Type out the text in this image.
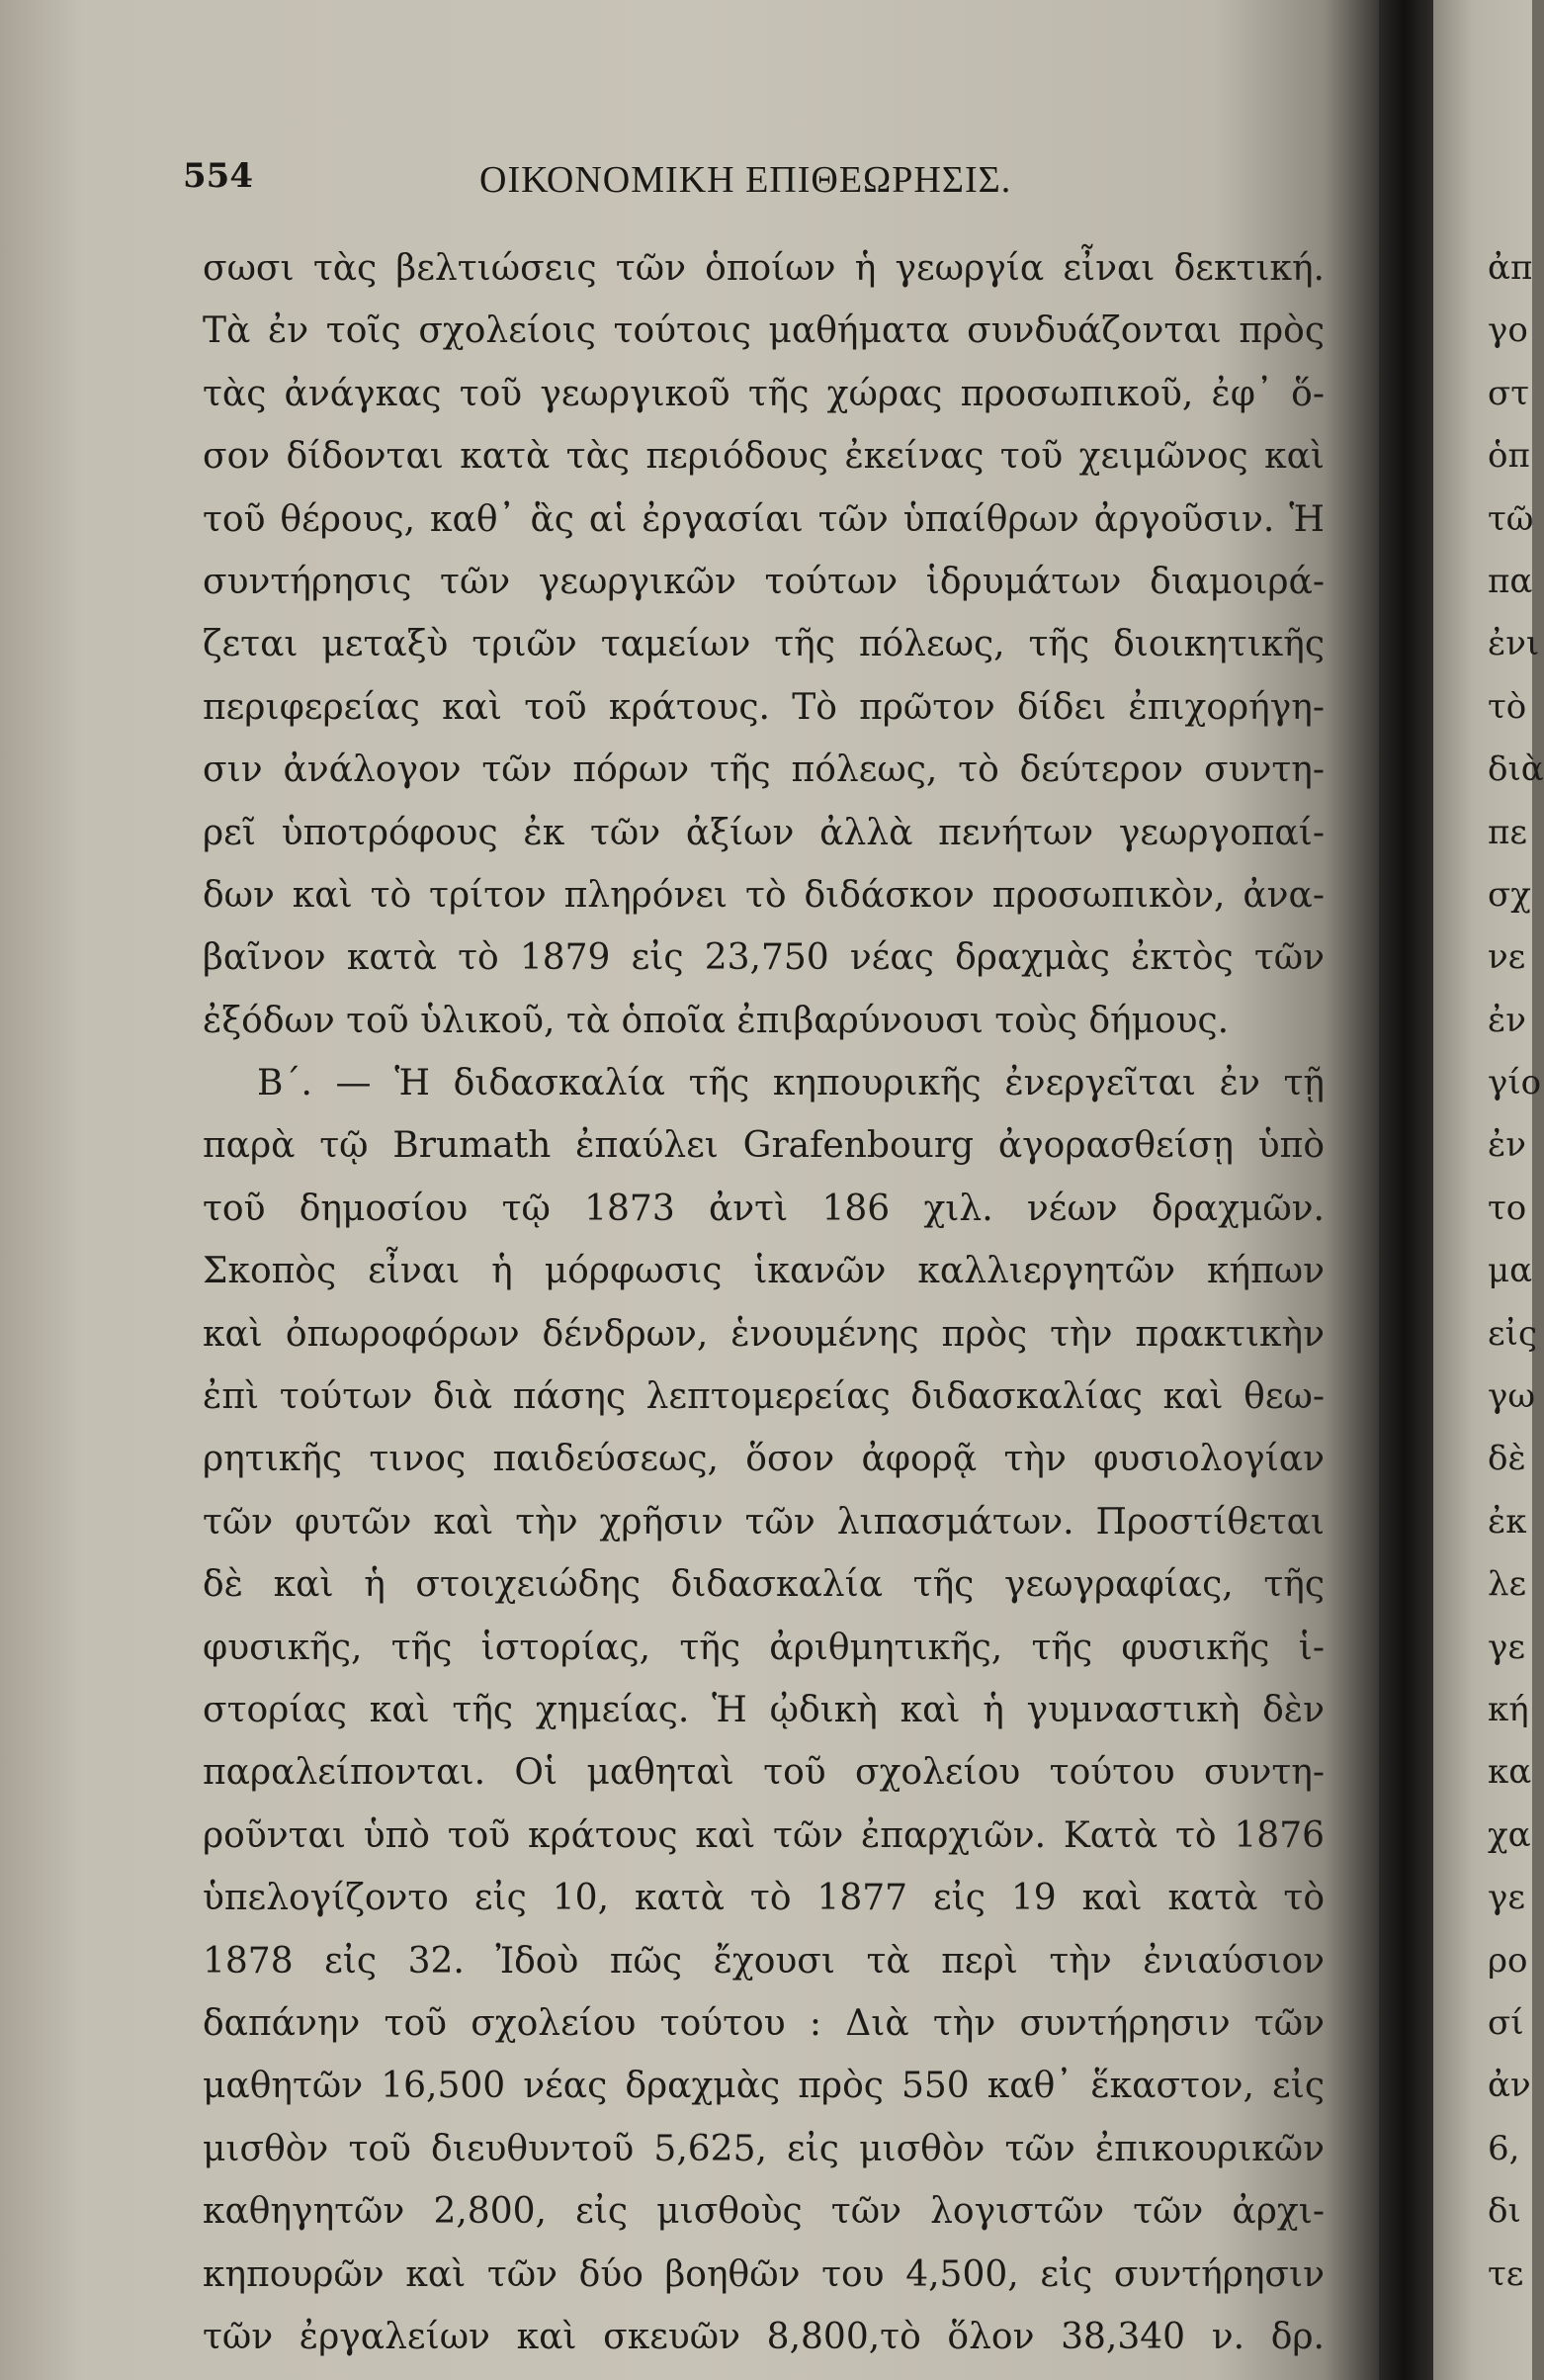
554	ΟΙΚΟΝΟΜΙΚΗ ΕΠΙΘΕΩΡΗΣΙΣ.
σωσι τὰς βελτιώσεις τῶν ὁποίων ἡ γεωργία εἶναι δεκτική.
Τὰ ἐν τοῖς σχολείοις τούτοις μαθήματα συνδυάζονται πρὸς
τὰς ἀνάγκας τοῦ γεωργικοῦ τῆς χώρας προσωπικοῦ, ἐφ᾽ ὅ-
σον δίδονται κατὰ τὰς περιόδους ἐκείνας τοῦ χειμῶνος καὶ
τοῦ θέρους, καθ᾽ ἃς αἱ ἐργασίαι τῶν ὑπαίθρων ἀργοῦσιν. Ἡ
συντήρησις τῶν γεωργικῶν τούτων ἱδρυμάτων διαμοιρά-
ζεται μεταξὺ τριῶν ταμείων τῆς πόλεως, τῆς διοικητικῆς
περιφερείας καὶ τοῦ κράτους. Τὸ πρῶτον δίδει ἐπιχορήγη-
σιν ἀνάλογον τῶν πόρων τῆς πόλεως, τὸ δεύτερον συντη-
ρεῖ ὑποτρόφους ἐκ τῶν ἀξίων ἀλλὰ πενήτων γεωργοπαί-
δων καὶ τὸ τρίτον πληρόνει τὸ διδάσκον προσωπικὸν, ἀνα-
βαῖνον κατὰ τὸ 1879 εἰς 23,750 νέας δραχμὰς ἐκτὸς τῶν
ἐξόδων τοῦ ὑλικοῦ, τὰ ὁποῖα ἐπιβαρύνουσι τοὺς δήμους.
Β΄. — Ἡ διδασκαλία τῆς κηπουρικῆς ἐνεργεῖται ἐν τῇ
παρὰ τῷ Brumath ἐπαύλει Grafenbourg ἀγορασθείσῃ ὑπὸ
τοῦ δημοσίου τῷ 1873 ἀντὶ 186 χιλ. νέων δραχμῶν.
Σκοπὸς εἶναι ἡ μόρφωσις ἱκανῶν καλλιεργητῶν κήπων
καὶ ὀπωροφόρων δένδρων, ἑνουμένης πρὸς τὴν πρακτικὴν
ἐπὶ τούτων διὰ πάσης λεπτομερείας διδασκαλίας καὶ θεω-
ρητικῆς τινος παιδεύσεως, ὅσον ἀφορᾷ τὴν φυσιολογίαν
τῶν φυτῶν καὶ τὴν χρῆσιν τῶν λιπασμάτων. Προστίθεται
δὲ καὶ ἡ στοιχειώδης διδασκαλία τῆς γεωγραφίας, τῆς
φυσικῆς, τῆς ἱστορίας, τῆς ἀριθμητικῆς, τῆς φυσικῆς ἱ-
στορίας καὶ τῆς χημείας. Ἡ ᾠδικὴ καὶ ἡ γυμναστικὴ δὲν
παραλείπονται. Οἱ μαθηταὶ τοῦ σχολείου τούτου συντη-
ροῦνται ὑπὸ τοῦ κράτους καὶ τῶν ἐπαρχιῶν. Κατὰ τὸ 1876
ὑπελογίζοντο εἰς 10, κατὰ τὸ 1877 εἰς 19 καὶ κατὰ τὸ
1878 εἰς 32. Ἰδοὺ πῶς ἔχουσι τὰ περὶ τὴν ἐνιαύσιον
δαπάνην τοῦ σχολείου τούτου : Διὰ τὴν συντήρησιν τῶν
μαθητῶν 16,500 νέας δραχμὰς πρὸς 550 καθ᾽ ἕκαστον, εἰς
μισθὸν τοῦ διευθυντοῦ 5,625, εἰς μισθὸν τῶν ἐπικουρικῶν
καθηγητῶν 2,800, εἰς μισθοὺς τῶν λογιστῶν τῶν ἀρχι-
κηπουρῶν καὶ τῶν δύο βοηθῶν του 4,500, εἰς συντήρησιν
τῶν ἐργαλείων καὶ σκευῶν 8,800,τὸ ὅλον 38,340 ν. δρ.
ἀπ
γο
στ
ὁπ
τῶ
πα
ἐνι
τὸ
διὰ
πε
σχ
νε
ἐν
γίο
ἐν
το
μα
εἰς
γω
δὲ
ἐκ
λε
γε
κή
κα
χα
γε
ρο
σί
ἀν
6,
δι
τε
